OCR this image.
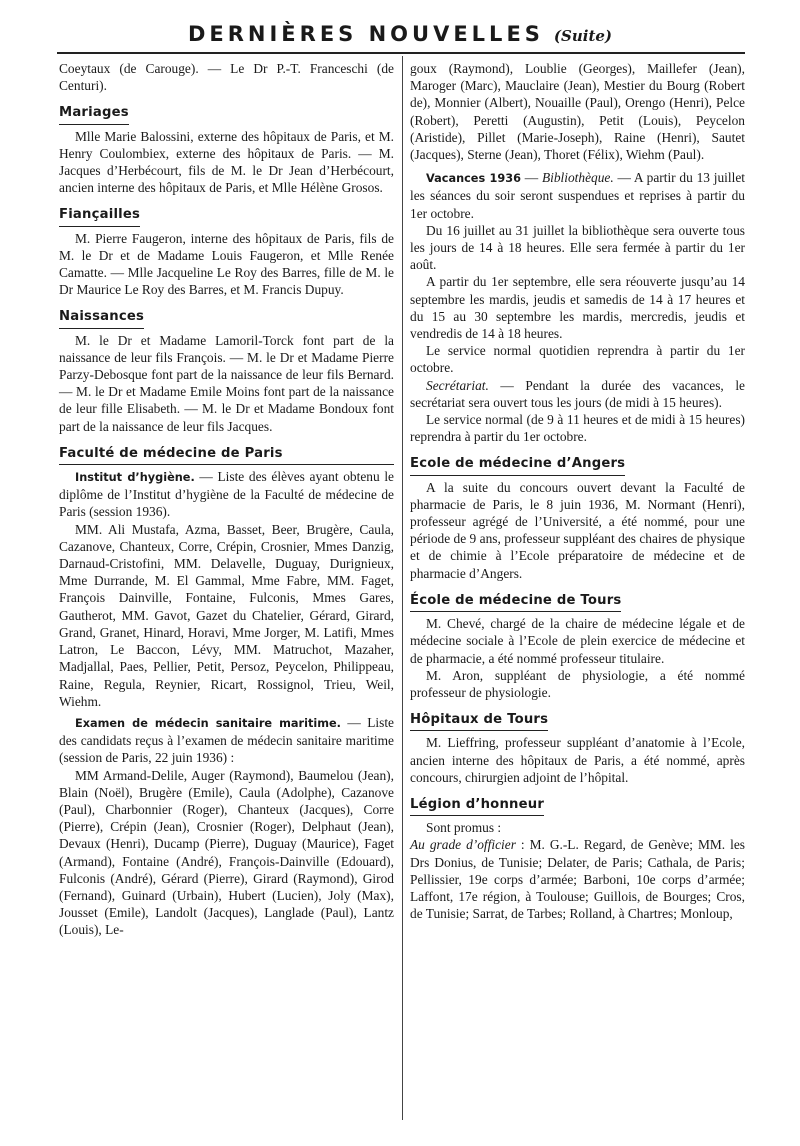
DERNIÈRES NOUVELLES (Suite)

Coeytaux (de Carouge). — Le Dr P.-T. Franceschi (de Centuri).

Mariages

Mlle Marie Balossini, externe des hôpitaux de Paris, et M. Henry Coulombiex, externe des hôpitaux de Paris. — M. Jacques d’Herbécourt, fils de M. le Dr Jean d’Herbécourt, ancien interne des hôpitaux de Paris, et Mlle Hélène Grosos.

Fiançailles

M. Pierre Faugeron, interne des hôpitaux de Paris, fils de M. le Dr et de Madame Louis Faugeron, et Mlle Renée Camatte. — Mlle Jacqueline Le Roy des Barres, fille de M. le Dr Maurice Le Roy des Barres, et M. Francis Dupuy.

Naissances

M. le Dr et Madame Lamoril-Torck font part de la naissance de leur fils François. — M. le Dr et Madame Pierre Parzy-Debosque font part de la naissance de leur fils Bernard. — M. le Dr et Madame Emile Moins font part de la naissance de leur fille Elisabeth. — M. le Dr et Madame Bondoux font part de la naissance de leur fils Jacques.

Faculté de médecine de Paris

Institut d’hygiène. — Liste des élèves ayant obtenu le diplôme de l’Institut d’hygiène de la Faculté de médecine de Paris (session 1936).

MM. Ali Mustafa, Azma, Basset, Beer, Brugère, Caula, Cazanove, Chanteux, Corre, Crépin, Crosnier, Mmes Danzig, Darnaud-Cristofini, MM. Delavelle, Duguay, Durignieux, Mme Durrande, M. El Gammal, Mme Fabre, MM. Faget, François Dainville, Fontaine, Fulconis, Mmes Gares, Gautherot, MM. Gavot, Gazet du Chatelier, Gérard, Girard, Grand, Granet, Hinard, Horavi, Mme Jorger, M. Latifi, Mmes Latron, Le Baccon, Lévy, MM. Matruchot, Mazaher, Madjallal, Paes, Pellier, Petit, Persoz, Peycelon, Philippeau, Raine, Regula, Reynier, Ricart, Rossignol, Trieu, Weil, Wiehm.

Examen de médecin sanitaire maritime. — Liste des candidats reçus à l’examen de médecin sanitaire maritime (session de Paris, 22 juin 1936) :

MM Armand-Delile, Auger (Raymond), Baumelou (Jean), Blain (Noël), Brugère (Emile), Caula (Adolphe), Cazanove (Paul), Charbonnier (Roger), Chanteux (Jacques), Corre (Pierre), Crépin (Jean), Crosnier (Roger), Delphaut (Jean), Devaux (Henri), Ducamp (Pierre), Duguay (Maurice), Faget (Armand), Fontaine (André), François-Dainville (Edouard), Fulconis (André), Gérard (Pierre), Girard (Raymond), Girod (Fernand), Guinard (Urbain), Hubert (Lucien), Joly (Max), Jousset (Emile), Landolt (Jacques), Langlade (Paul), Lantz (Louis), Le-

goux (Raymond), Loublie (Georges), Maillefer (Jean), Maroger (Marc), Mauclaire (Jean), Mestier du Bourg (Robert de), Monnier (Albert), Nouaille (Paul), Orengo (Henri), Pelce (Robert), Peretti (Augustin), Petit (Louis), Peycelon (Aristide), Pillet (Marie-Joseph), Raine (Henri), Sautet (Jacques), Sterne (Jean), Thoret (Félix), Wiehm (Paul).

Vacances 1936 — Bibliothèque. — A partir du 13 juillet les séances du soir seront suspendues et reprises à partir du 1er octobre.

Du 16 juillet au 31 juillet la bibliothèque sera ouverte tous les jours de 14 à 18 heures. Elle sera fermée à partir du 1er août.

A partir du 1er septembre, elle sera réouverte jusqu’au 14 septembre les mardis, jeudis et samedis de 14 à 17 heures et du 15 au 30 septembre les mardis, mercredis, jeudis et vendredis de 14 à 18 heures.

Le service normal quotidien reprendra à partir du 1er octobre.

Secrétariat. — Pendant la durée des vacances, le secrétariat sera ouvert tous les jours (de midi à 15 heures).

Le service normal (de 9 à 11 heures et de midi à 15 heures) reprendra à partir du 1er octobre.

Ecole de médecine d’Angers

A la suite du concours ouvert devant la Faculté de pharmacie de Paris, le 8 juin 1936, M. Normant (Henri), professeur agrégé de l’Université, a été nommé, pour une période de 9 ans, professeur suppléant des chaires de physique et de chimie à l’Ecole préparatoire de médecine et de pharmacie d’Angers.

École de médecine de Tours

M. Chevé, chargé de la chaire de médecine légale et de médecine sociale à l’Ecole de plein exercice de médecine et de pharmacie, a été nommé professeur titulaire.

M. Aron, suppléant de physiologie, a été nommé professeur de physiologie.

Hôpitaux de Tours

M. Lieffring, professeur suppléant d’anatomie à l’Ecole, ancien interne des hôpitaux de Paris, a été nommé, après concours, chirurgien adjoint de l’hôpital.

Légion d’honneur

Sont promus :

Au grade d’officier : M. G.-L. Regard, de Genève; MM. les Drs Donius, de Tunisie; Delater, de Paris; Cathala, de Paris; Pellissier, 19e corps d’armée; Barboni, 10e corps d’armée; Laffont, 17e région, à Toulouse; Guillois, de Bourges; Cros, de Tunisie; Sarrat, de Tarbes; Rolland, à Chartres; Monloup,
